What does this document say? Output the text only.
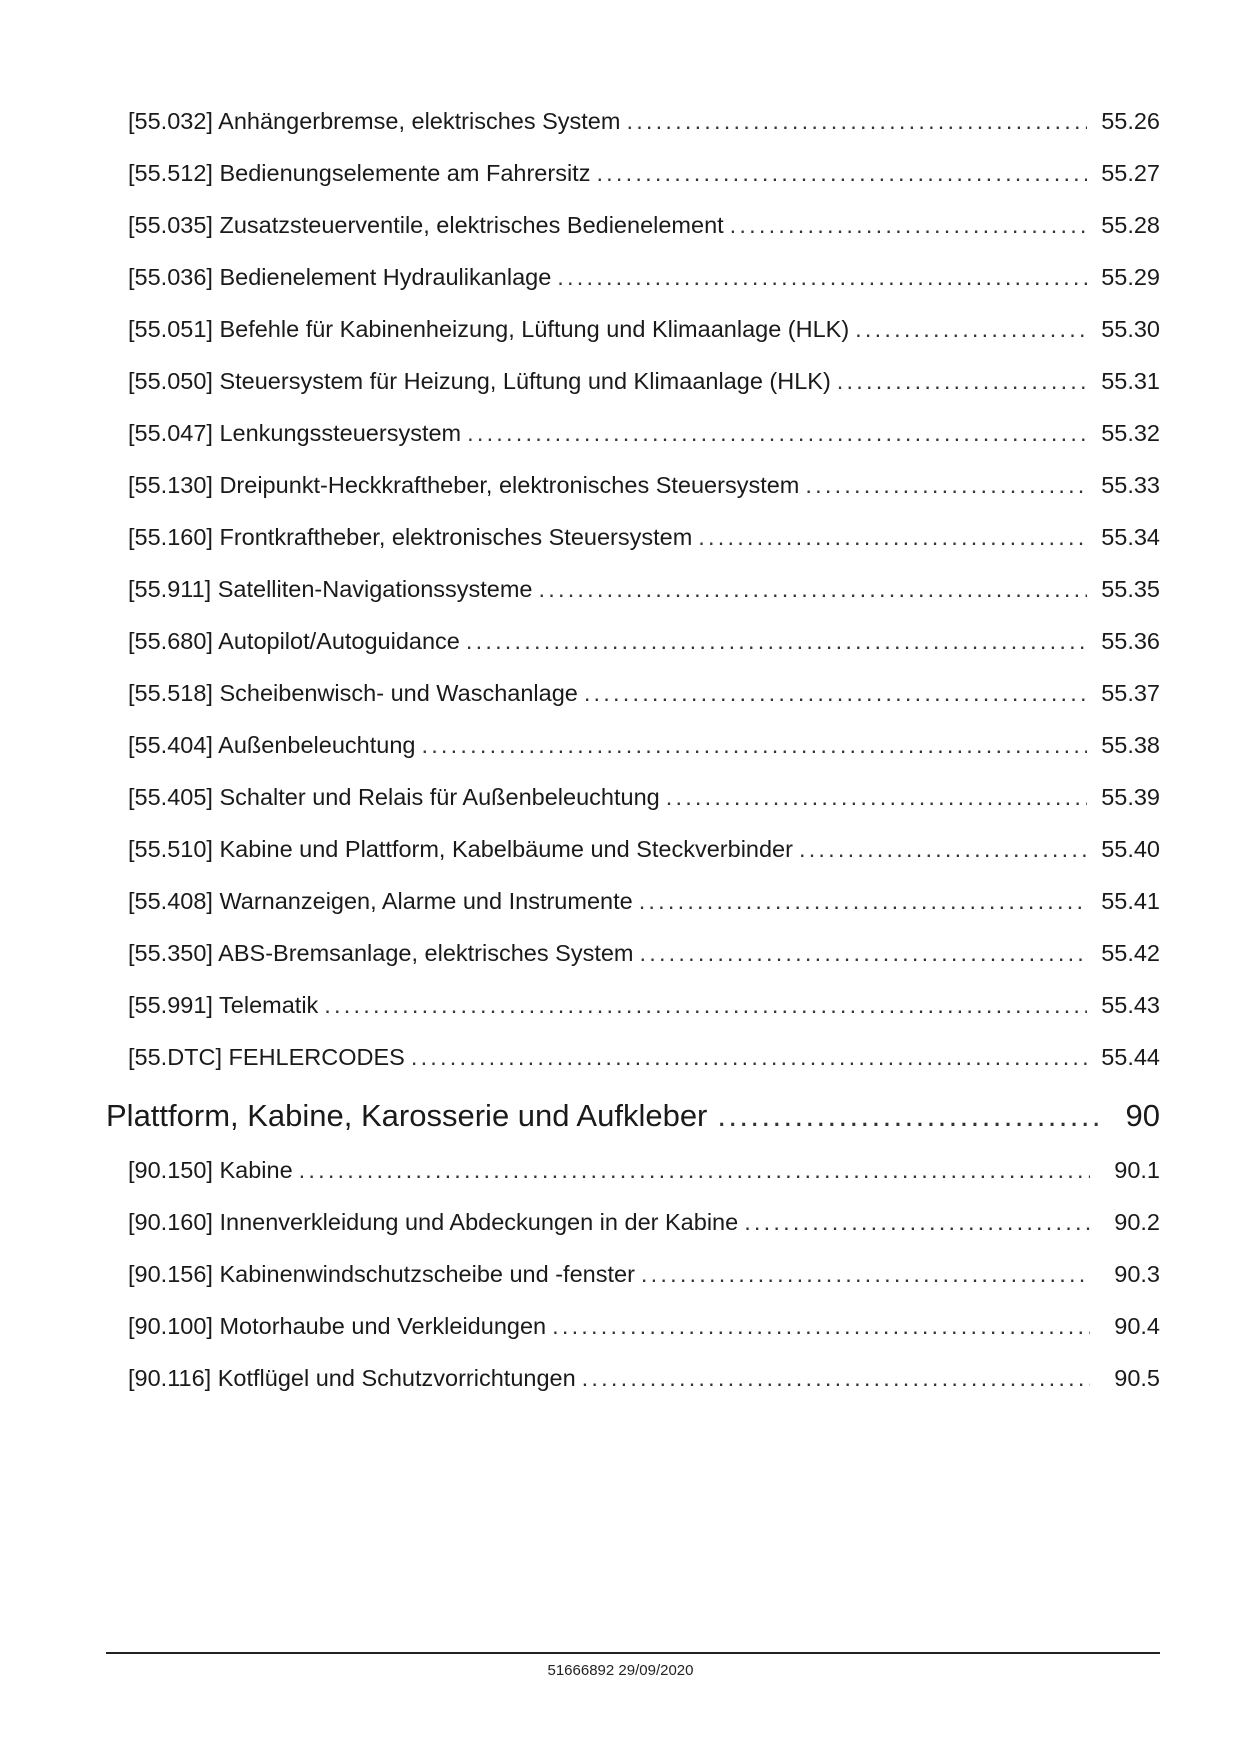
[55.032] Anhängerbremse, elektrisches System .....	55.26
[55.512] Bedienungselemente am Fahrersitz .....	55.27
[55.035] Zusatzsteuerventile, elektrisches Bedienelement .....	55.28
[55.036] Bedienelement Hydraulikanlage .....	55.29
[55.051] Befehle für Kabinenheizung, Lüftung und Klimaanlage (HLK) .....	55.30
[55.050] Steuersystem für Heizung, Lüftung und Klimaanlage (HLK) .....	55.31
[55.047] Lenkungssteuersystem .....	55.32
[55.130] Dreipunkt-Heckkraftheber, elektronisches Steuersystem .....	55.33
[55.160] Frontkraftheber, elektronisches Steuersystem .....	55.34
[55.911] Satelliten-Navigationssysteme .....	55.35
[55.680] Autopilot/Autoguidance .....	55.36
[55.518] Scheibenwisch- und Waschanlage .....	55.37
[55.404] Außenbeleuchtung .....	55.38
[55.405] Schalter und Relais für Außenbeleuchtung .....	55.39
[55.510] Kabine und Plattform, Kabelbäume und Steckverbinder .....	55.40
[55.408] Warnanzeigen, Alarme und Instrumente .....	55.41
[55.350] ABS-Bremsanlage, elektrisches System .....	55.42
[55.991] Telematik .....	55.43
[55.DTC] FEHLERCODES .....	55.44
Plattform, Kabine, Karosserie und Aufkleber .....	90
[90.150] Kabine .....	90.1
[90.160] Innenverkleidung und Abdeckungen in der Kabine .....	90.2
[90.156] Kabinenwindschutzscheibe und -fenster .....	90.3
[90.100] Motorhaube und Verkleidungen .....	90.4
[90.116] Kotflügel und Schutzvorrichtungen .....	90.5
51666892 29/09/2020
